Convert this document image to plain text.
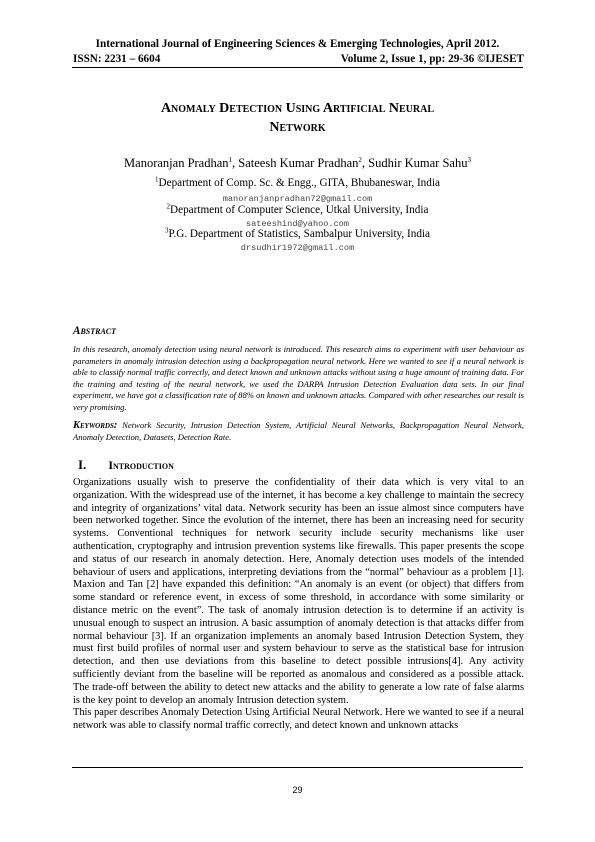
International Journal of Engineering Sciences & Emerging Technologies, April 2012.
ISSN: 2231 – 6604	Volume 2, Issue 1, pp: 29-36 ©IJESET
Anomaly Detection Using Artificial Neural
Network
Manoranjan Pradhan$^1$, Sateesh Kumar Pradhan$^2$, Sudhir Kumar Sahu$^3$
$^1$Department of Comp. Sc. & Engg., GITA, Bhubaneswar, India
manoranjanpradhan72@gmail.com
$^2$Department of Computer Science, Utkal University, India
sateeshind@yahoo.com
$^3$P.G. Department of Statistics, Sambalpur University, India
drsudhir1972@gmail.com
Abstract
In this research, anomaly detection using neural network is introduced. This research aims to experiment with user behaviour as parameters in anomaly intrusion detection using a backpropagation neural network. Here we wanted to see if a neural network is able to classify normal traffic correctly, and detect known and unknown attacks without using a huge amount of training data. For the training and testing of the neural network, we used the DARPA Intrusion Detection Evaluation data sets. In our final experiment, we have got a classification rate of 88% on known and unknown attacks. Compared with other researches our result is very promising.
Keywords: Network Security, Intrusion Detection System, Artificial Neural Networks, Backpropagation Neural Network, Anomaly Detection, Datasets, Detection Rate.
I. Introduction

Organizations usually wish to preserve the confidentiality of their data which is very vital to an organization. With the widespread use of the internet, it has become a key challenge to maintain the secrecy and integrity of organizations’ vital data. Network security has been an issue almost since computers have been networked together. Since the evolution of the internet, there has been an increasing need for security systems. Conventional techniques for network security include security mechanisms like user authentication, cryptography and intrusion prevention systems like firewalls. This paper presents the scope and status of our research in anomaly detection. Here, Anomaly detection uses models of the intended behaviour of users and applications, interpreting deviations from the “normal” behaviour as a problem [1]. Maxion and Tan [2] have expanded this definition: “An anomaly is an event (or object) that differs from some standard or reference event, in excess of some threshold, in accordance with some similarity or distance metric on the event”. The task of anomaly intrusion detection is to determine if an activity is unusual enough to suspect an intrusion. A basic assumption of anomaly detection is that attacks differ from normal behaviour [3]. If an organization implements an anomaly based Intrusion Detection System, they must first build profiles of normal user and system behaviour to serve as the statistical base for intrusion detection, and then use deviations from this baseline to detect possible intrusions[4]. Any activity sufficiently deviant from the baseline will be reported as anomalous and considered as a possible attack. The trade-off between the ability to detect new attacks and the ability to generate a low rate of false alarms is the key point to develop an anomaly Intrusion detection system.

This paper describes Anomaly Detection Using Artificial Neural Network. Here we wanted to see if a neural network was able to classify normal traffic correctly, and detect known and unknown attacks

29
